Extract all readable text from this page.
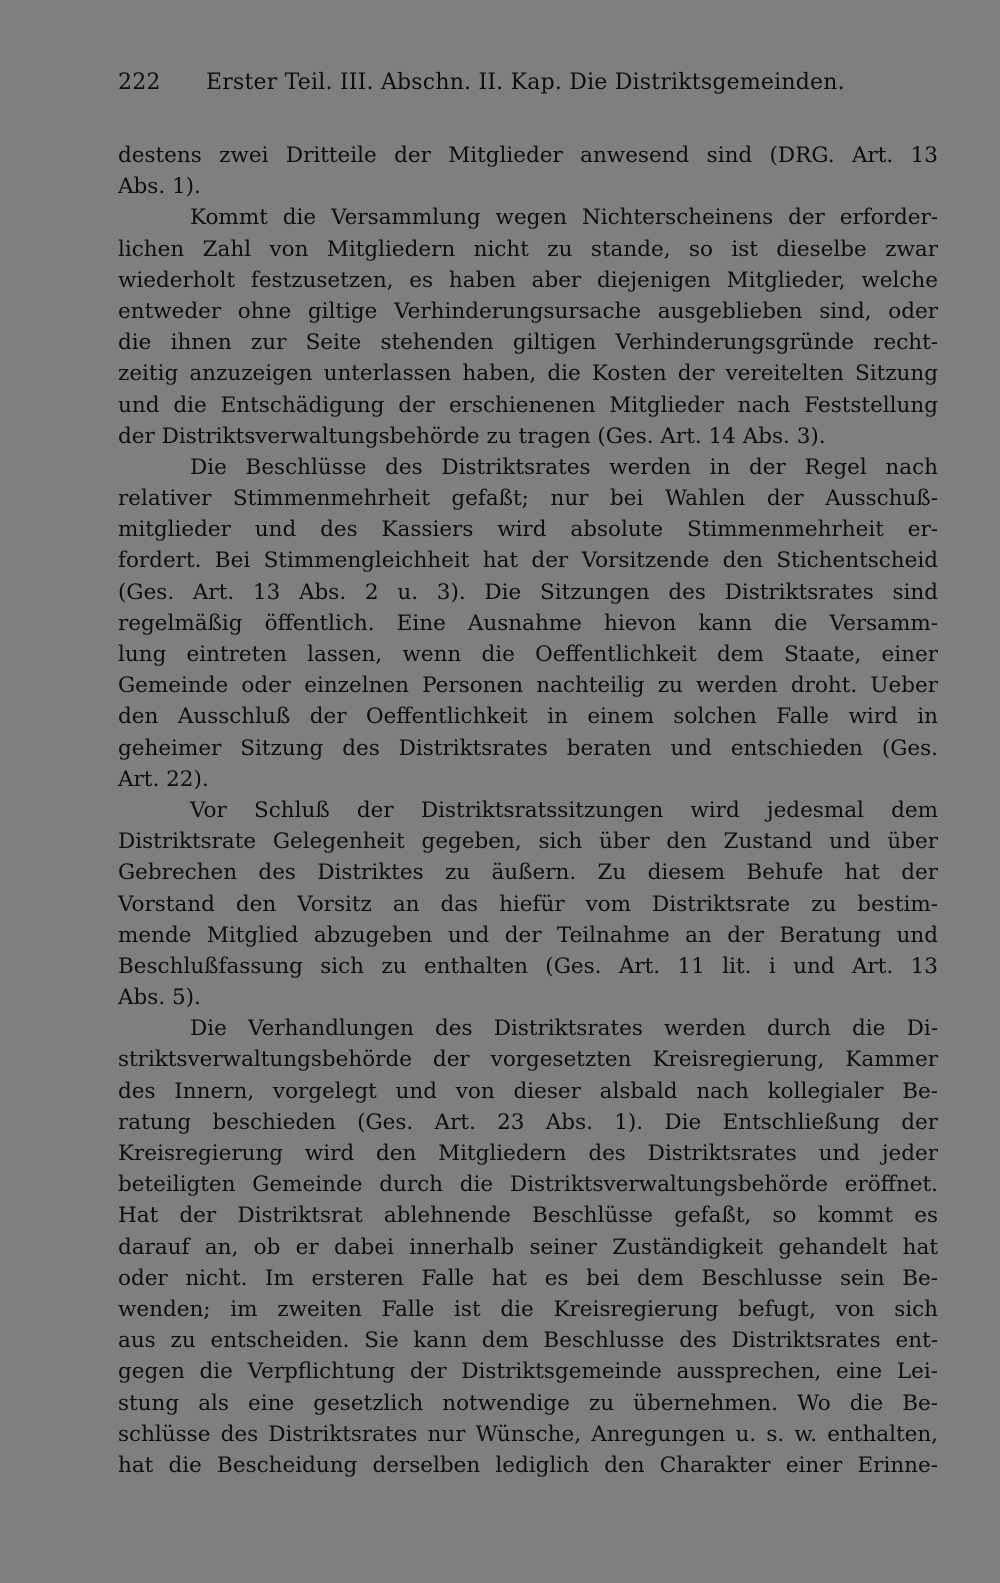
222 Erster Teil. III. Abschn. II. Kap. Die Distriktsgemeinden.
destens zwei Dritteile der Mitglieder anwesend sind (DRG. Art. 13
Abs. 1).
Kommt die Versammlung wegen Nichterscheinens der erforder-
lichen Zahl von Mitgliedern nicht zu stande, so ist dieselbe zwar
wiederholt festzusetzen, es haben aber diejenigen Mitglieder, welche
entweder ohne giltige Verhinderungsursache ausgeblieben sind, oder
die ihnen zur Seite stehenden giltigen Verhinderungsgründe recht-
zeitig anzuzeigen unterlassen haben, die Kosten der vereitelten Sitzung
und die Entschädigung der erschienenen Mitglieder nach Feststellung
der Distriktsverwaltungsbehörde zu tragen (Ges. Art. 14 Abs. 3).
Die Beschlüsse des Distriktsrates werden in der Regel nach
relativer Stimmenmehrheit gefaßt; nur bei Wahlen der Ausschuß-
mitglieder und des Kassiers wird absolute Stimmenmehrheit er-
fordert. Bei Stimmengleichheit hat der Vorsitzende den Stichentscheid
(Ges. Art. 13 Abs. 2 u. 3). Die Sitzungen des Distriktsrates sind
regelmäßig öffentlich. Eine Ausnahme hievon kann die Versamm-
lung eintreten lassen, wenn die Oeffentlichkeit dem Staate, einer
Gemeinde oder einzelnen Personen nachteilig zu werden droht. Ueber
den Ausschluß der Oeffentlichkeit in einem solchen Falle wird in
geheimer Sitzung des Distriktsrates beraten und entschieden (Ges.
Art. 22).
Vor Schluß der Distriktsratssitzungen wird jedesmal dem
Distriktsrate Gelegenheit gegeben, sich über den Zustand und über
Gebrechen des Distriktes zu äußern. Zu diesem Behufe hat der
Vorstand den Vorsitz an das hiefür vom Distriktsrate zu bestim-
mende Mitglied abzugeben und der Teilnahme an der Beratung und
Beschlußfassung sich zu enthalten (Ges. Art. 11 lit. i und Art. 13
Abs. 5).
Die Verhandlungen des Distriktsrates werden durch die Di-
striktsverwaltungsbehörde der vorgesetzten Kreisregierung, Kammer
des Innern, vorgelegt und von dieser alsbald nach kollegialer Be-
ratung beschieden (Ges. Art. 23 Abs. 1). Die Entschließung der
Kreisregierung wird den Mitgliedern des Distriktsrates und jeder
beteiligten Gemeinde durch die Distriktsverwaltungsbehörde eröffnet.
Hat der Distriktsrat ablehnende Beschlüsse gefaßt, so kommt es
darauf an, ob er dabei innerhalb seiner Zuständigkeit gehandelt hat
oder nicht. Im ersteren Falle hat es bei dem Beschlusse sein Be-
wenden; im zweiten Falle ist die Kreisregierung befugt, von sich
aus zu entscheiden. Sie kann dem Beschlusse des Distriktsrates ent-
gegen die Verpflichtung der Distriktsgemeinde aussprechen, eine Lei-
stung als eine gesetzlich notwendige zu übernehmen. Wo die Be-
schlüsse des Distriktsrates nur Wünsche, Anregungen u. s. w. enthalten,
hat die Bescheidung derselben lediglich den Charakter einer Erinne-
